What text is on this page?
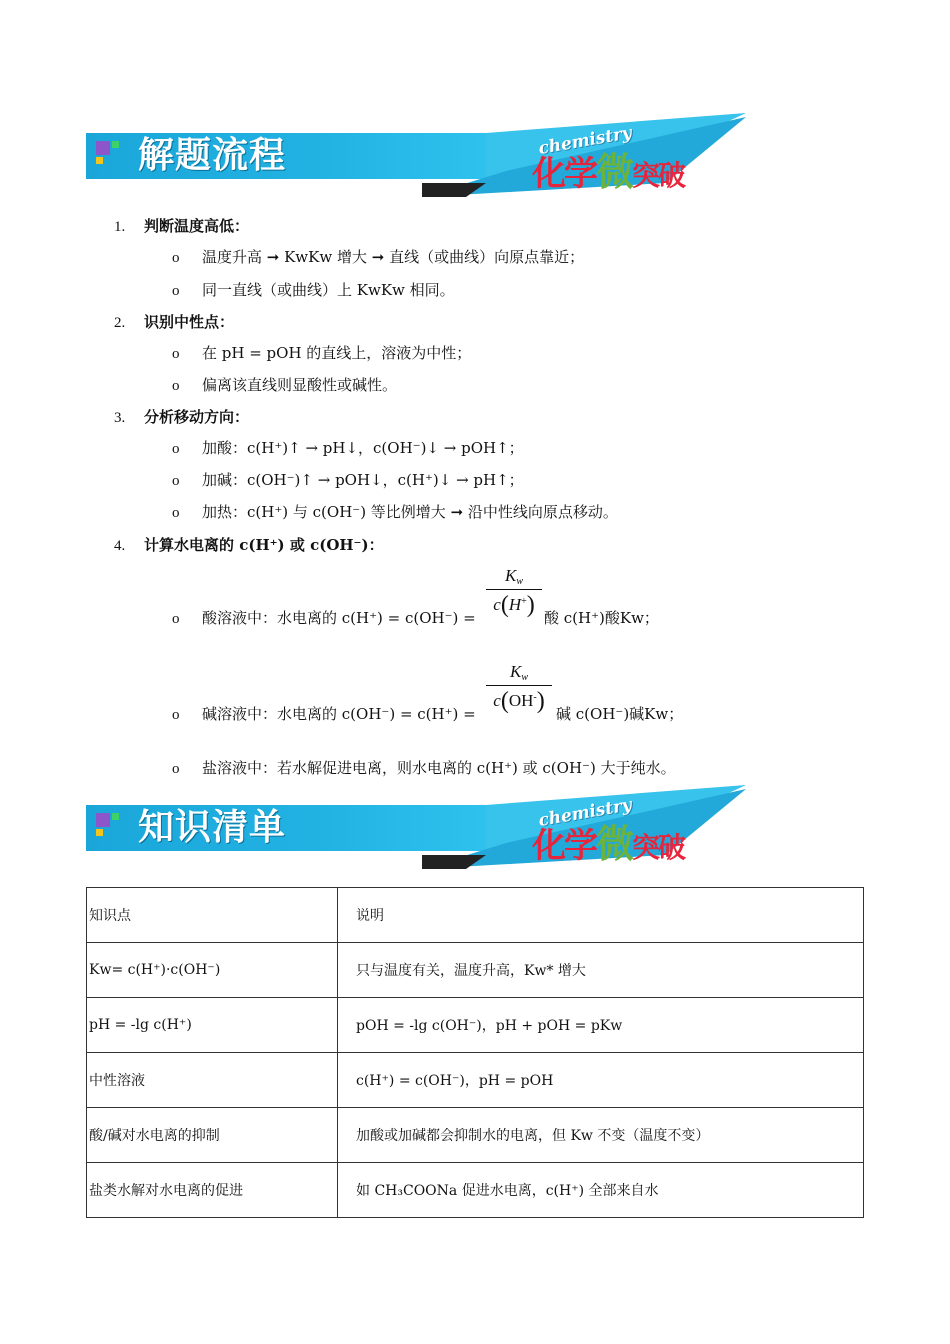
解题流程	chemistry
化学微突破
1. 判断温度高低：
o 温度升高 ➞ KwKw 增大 ➞ 直线（或曲线）向原点靠近；
o 同一直线（或曲线）上 KwKw 相同。
2. 识别中性点：
o 在 pH = pOH 的直线上，溶液为中性；
o 偏离该直线则显酸性或碱性。
3. 分析移动方向：
o 加酸：c(H⁺)↑ → pH↓，c(OH⁻)↓ → pOH↑；
o 加碱：c(OH⁻)↑ → pOH↓，c(H⁺)↓ → pH↑；
o 加热：c(H⁺) 与 c(OH⁻) 等比例增大 ➞ 沿中性线向原点移动。
4. 计算水电离的 c(H⁺) 或 c(OH⁻)：
o 酸溶液中：水电离的 c(H⁺) = c(OH⁻) =
$K_w$
c(H+) 酸 c(H⁺)酸Kw；
o 碱溶液中：水电离的 c(OH⁻) = c(H⁺) =
$K_w$
c(OH-) 碱 c(OH⁻)碱Kw；
o 盐溶液中：若水解促进电离，则水电离的 c(H⁺) 或 c(OH⁻) 大于纯水。
知识清单	chemistry
化学微突破
知识点	说明
Kw= c(H⁺)·c(OH⁻)	只与温度有关，温度升高，Kw* 增大
pH = -lg c(H⁺)	pOH = -lg c(OH⁻)，pH + pOH = pKw
中性溶液	c(H⁺) = c(OH⁻)，pH = pOH
酸/碱对水电离的抑制	加酸或加碱都会抑制水的电离，但 Kw 不变（温度不变）
盐类水解对水电离的促进	如 CH₃COONa 促进水电离，c(H⁺) 全部来自水
